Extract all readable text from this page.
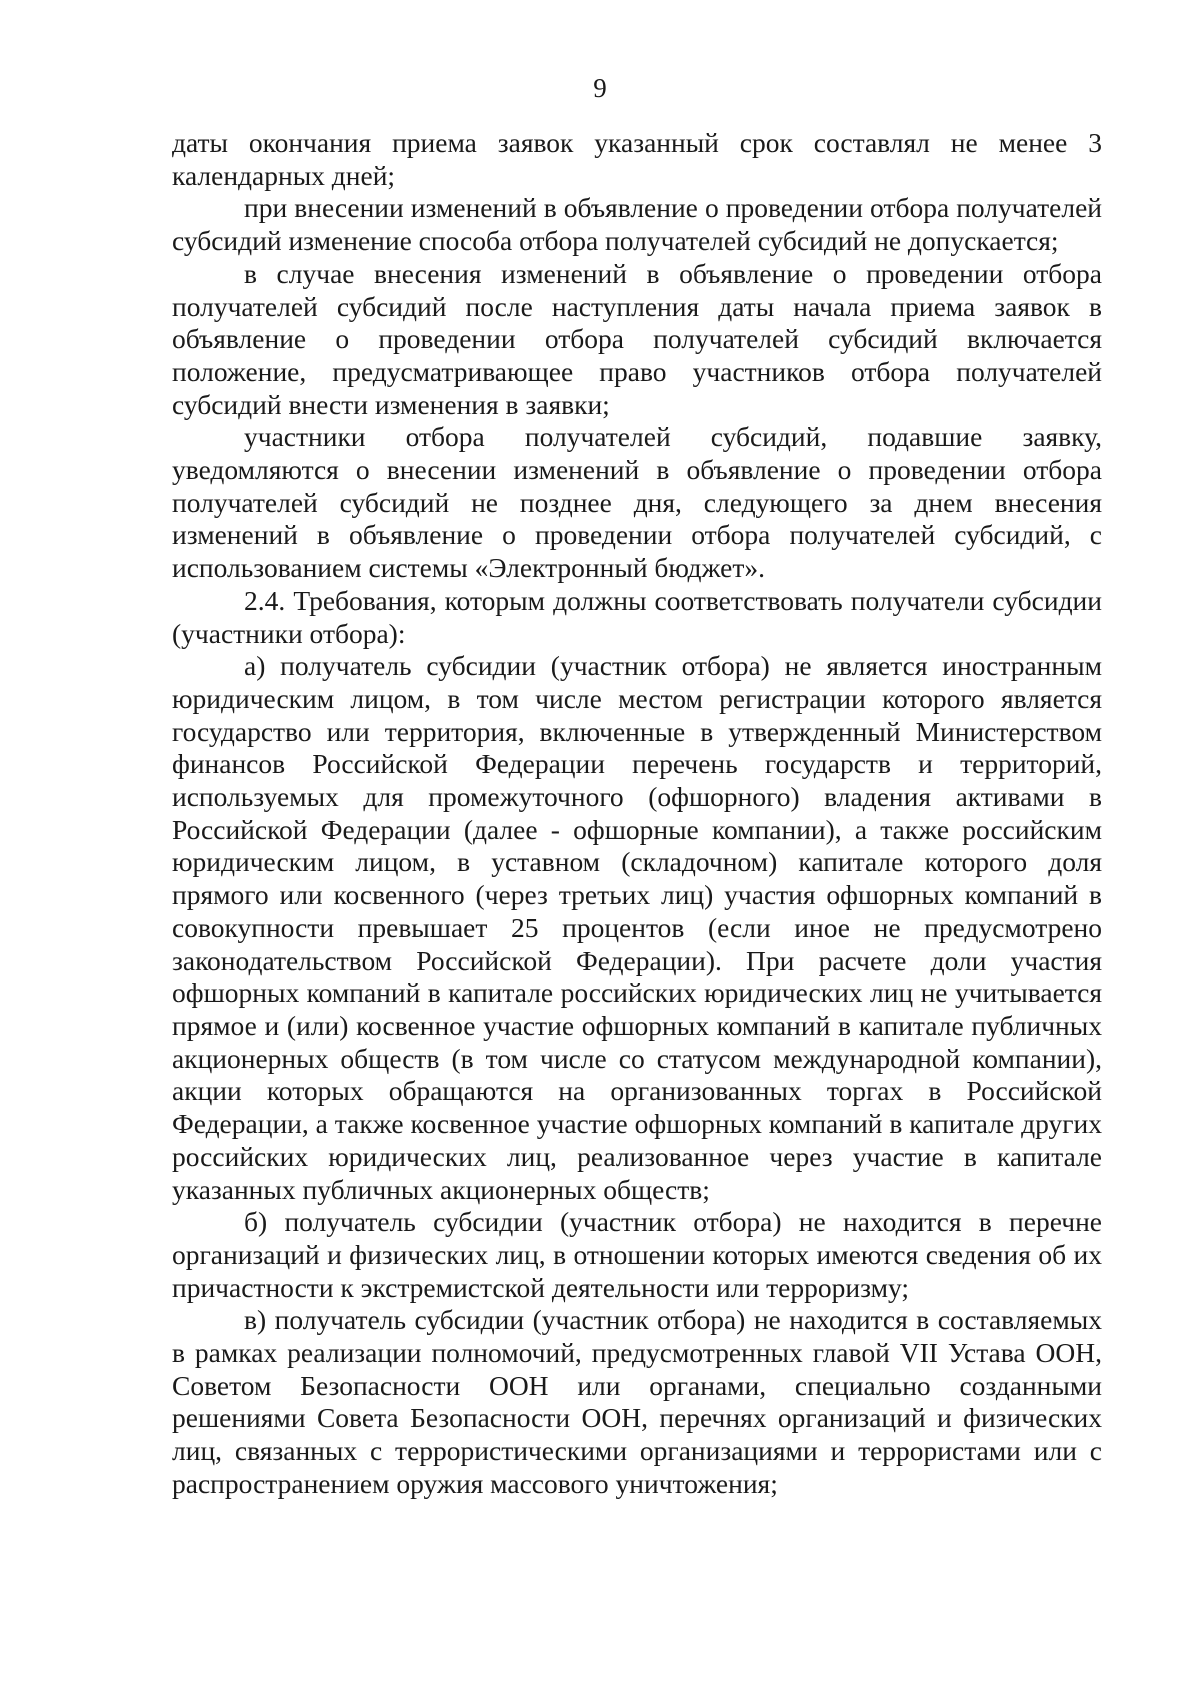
9

даты окончания приема заявок указанный срок составлял не менее 3 календарных дней;

при внесении изменений в объявление о проведении отбора получателей субсидий изменение способа отбора получателей субсидий не допускается;

в случае внесения изменений в объявление о проведении отбора получателей субсидий после наступления даты начала приема заявок в объявление о проведении отбора получателей субсидий включается положение, предусматривающее право участников отбора получателей субсидий внести изменения в заявки;

участники отбора получателей субсидий, подавшие заявку, уведомляются о внесении изменений в объявление о проведении отбора получателей субсидий не позднее дня, следующего за днем внесения изменений в объявление о проведении отбора получателей субсидий, с использованием системы «Электронный бюджет».

2.4. Требования, которым должны соответствовать получатели субсидии (участники отбора):

а) получатель субсидии (участник отбора) не является иностранным юридическим лицом, в том числе местом регистрации которого является государство или территория, включенные в утвержденный Министерством финансов Российской Федерации перечень государств и территорий, используемых для промежуточного (офшорного) владения активами в Российской Федерации (далее - офшорные компании), а также российским юридическим лицом, в уставном (складочном) капитале которого доля прямого или косвенного (через третьих лиц) участия офшорных компаний в совокупности превышает 25 процентов (если иное не предусмотрено законодательством Российской Федерации). При расчете доли участия офшорных компаний в капитале российских юридических лиц не учитывается прямое и (или) косвенное участие офшорных компаний в капитале публичных акционерных обществ (в том числе со статусом международной компании), акции которых обращаются на организованных торгах в Российской Федерации, а также косвенное участие офшорных компаний в капитале других российских юридических лиц, реализованное через участие в капитале указанных публичных акционерных обществ;

б) получатель субсидии (участник отбора) не находится в перечне организаций и физических лиц, в отношении которых имеются сведения об их причастности к экстремистской деятельности или терроризму;

в) получатель субсидии (участник отбора) не находится в составляемых в рамках реализации полномочий, предусмотренных главой VII Устава ООН, Советом Безопасности ООН или органами, специально созданными решениями Совета Безопасности ООН, перечнях организаций и физических лиц, связанных с террористическими организациями и террористами или с распространением оружия массового уничтожения;
